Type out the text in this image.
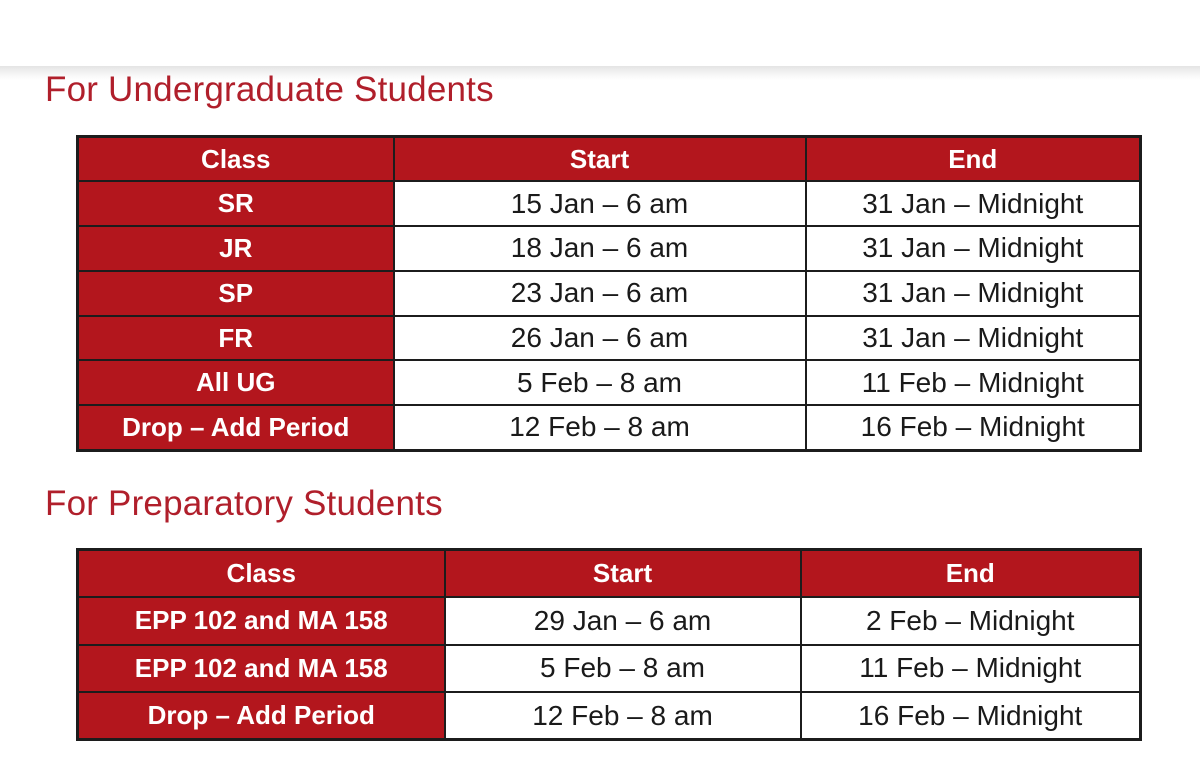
For Undergraduate Students
Class	Start	End
SR	15 Jan – 6 am	31 Jan – Midnight
JR	18 Jan – 6 am	31 Jan – Midnight
SP	23 Jan – 6 am	31 Jan – Midnight
FR	26 Jan – 6 am	31 Jan – Midnight
All UG	5 Feb – 8 am	11 Feb – Midnight
Drop – Add Period	12 Feb – 8 am	16 Feb – Midnight
For Preparatory Students
Class	Start	End
EPP 102 and MA 158	29 Jan – 6 am	2 Feb – Midnight
EPP 102 and MA 158	5 Feb – 8 am	11 Feb – Midnight
Drop – Add Period	12 Feb – 8 am	16 Feb – Midnight
